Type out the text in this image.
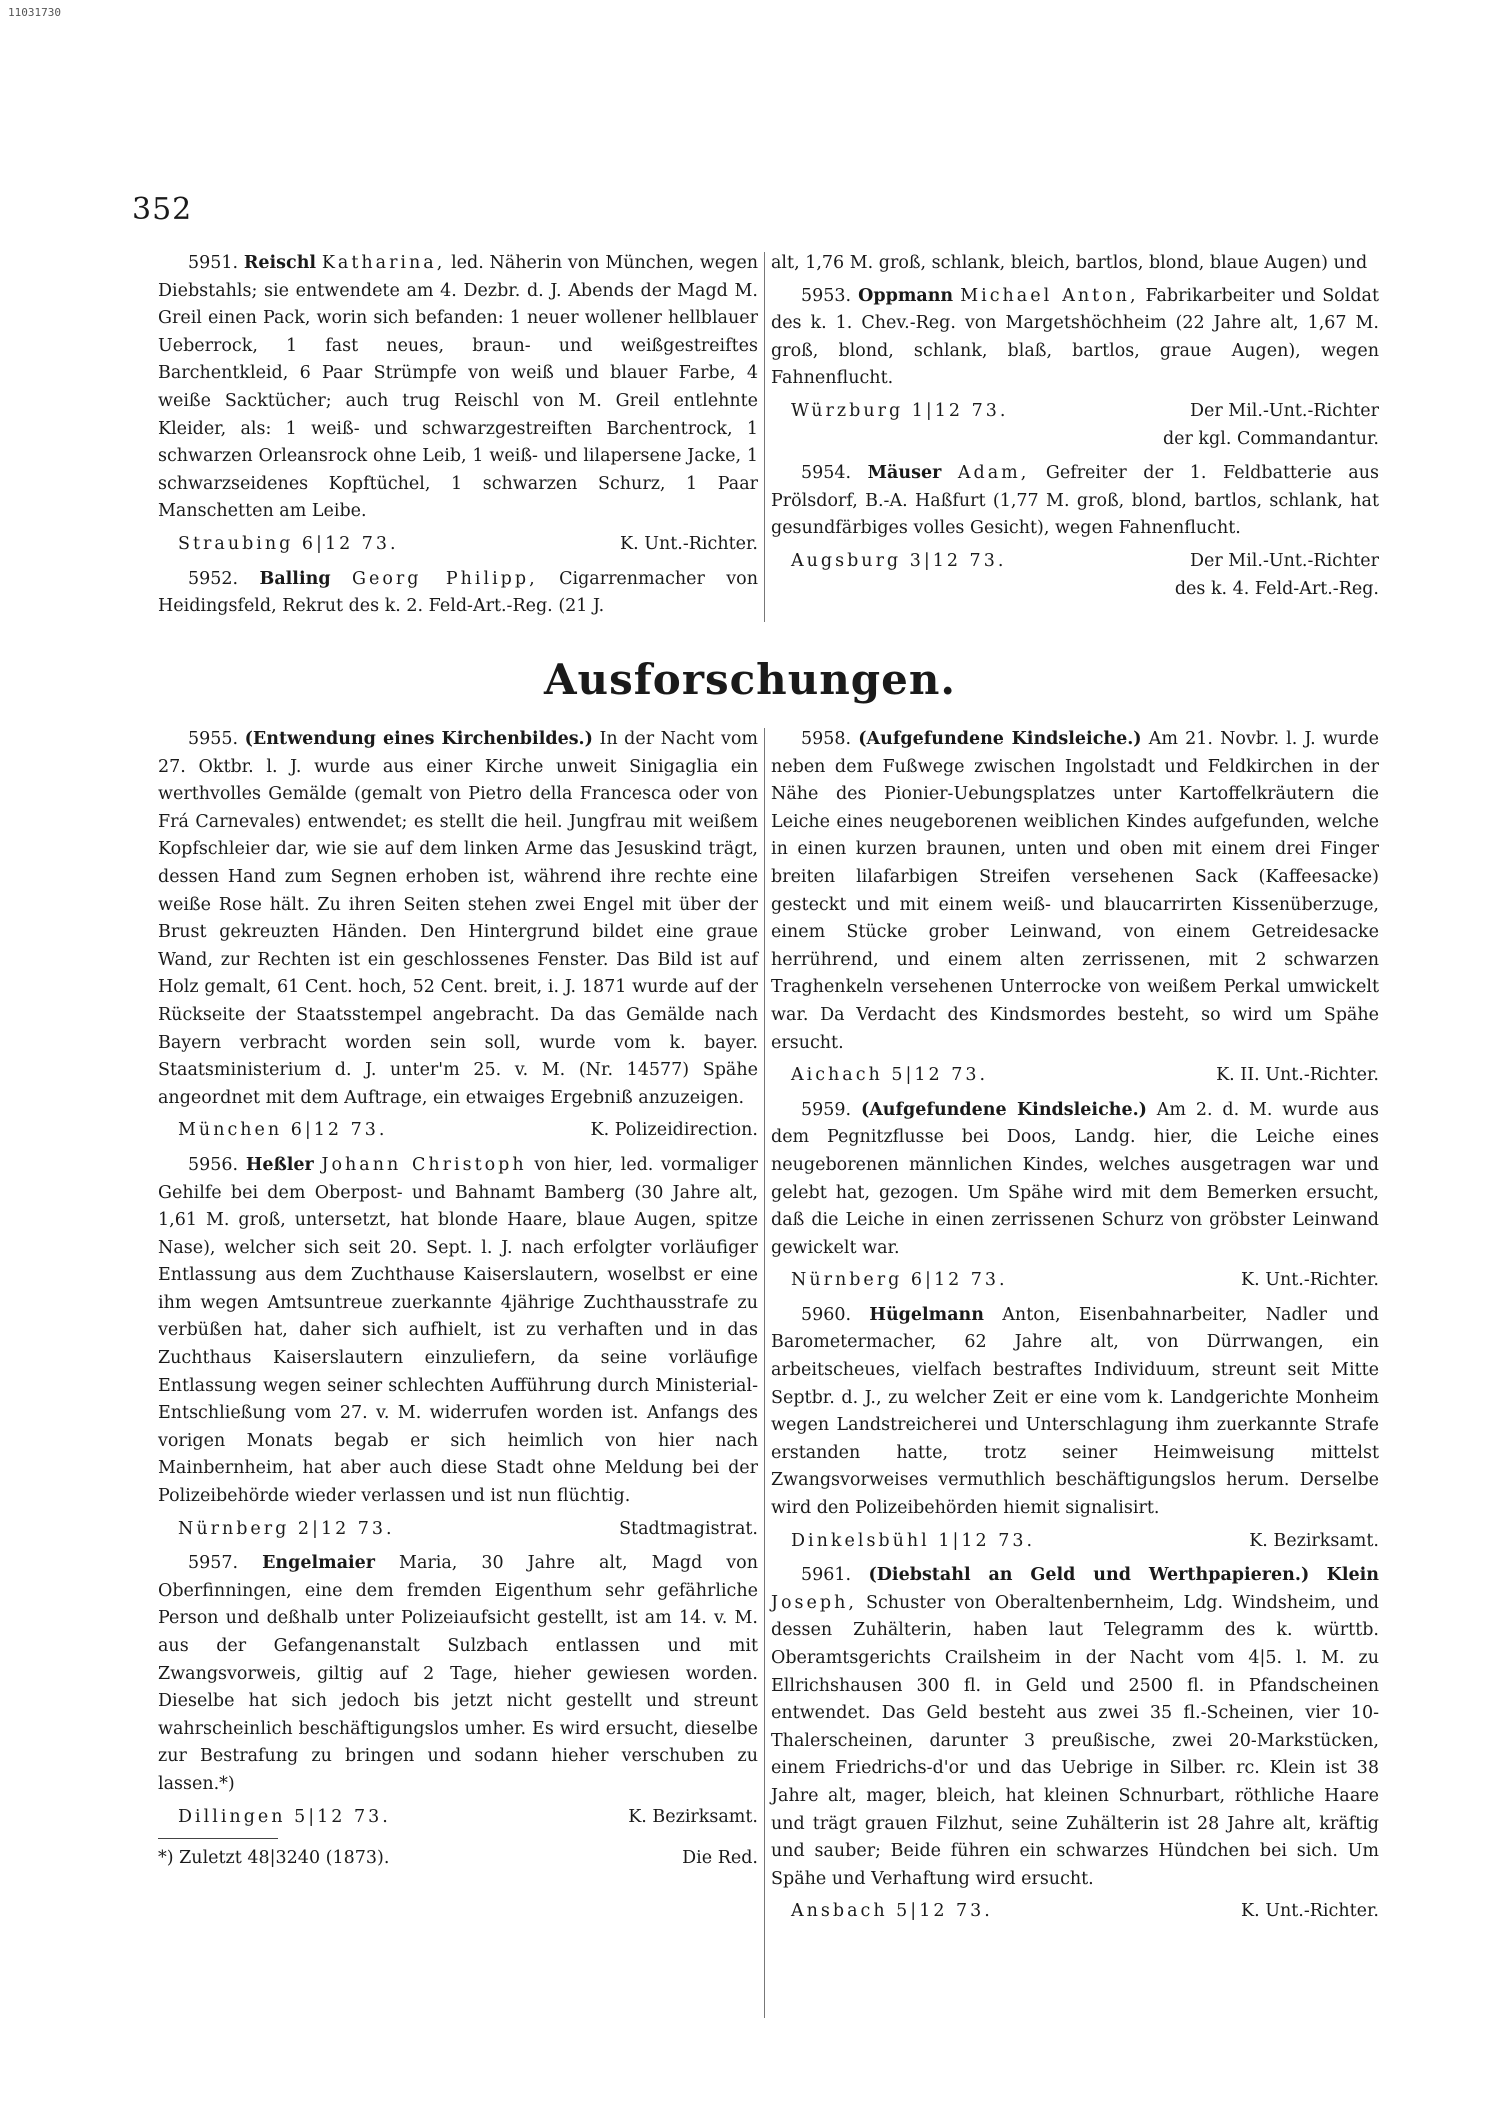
11031730
352

5951. Reischl Katharina, led. Näherin von München, wegen Diebstahls; sie entwendete am 4. Dezbr. d. J. Abends der Magd M. Greil einen Pack, worin sich befanden: 1 neuer wollener hellblauer Ueberrock, 1 fast neues, braun- und weißgestreiftes Barchentkleid, 6 Paar Strümpfe von weiß und blauer Farbe, 4 weiße Sacktücher; auch trug Reischl von M. Greil entlehnte Kleider, als: 1 weiß- und schwarzgestreiften Barchentrock, 1 schwarzen Orleansrock ohne Leib, 1 weiß- und lilapersene Jacke, 1 schwarzseidenes Kopftüchel, 1 schwarzen Schurz, 1 Paar Manschetten am Leibe.

Straubing 6|12 73.	K. Unt.-Richter.

5952. Balling Georg Philipp, Cigarrenmacher von Heidingsfeld, Rekrut des k. 2. Feld-Art.-Reg. (21 J.

alt, 1,76 M. groß, schlank, bleich, bartlos, blond, blaue Augen) und

5953. Oppmann Michael Anton, Fabrikarbeiter und Soldat des k. 1. Chev.-Reg. von Margetshöchheim (22 Jahre alt, 1,67 M. groß, blond, schlank, blaß, bartlos, graue Augen), wegen Fahnenflucht.

Würzburg 1|12 73.	Der Mil.-Unt.-Richter
der kgl. Commandantur.

5954. Mäuser Adam, Gefreiter der 1. Feldbatterie aus Prölsdorf, B.-A. Haßfurt (1,77 M. groß, blond, bartlos, schlank, hat gesundfärbiges volles Gesicht), wegen Fahnenflucht.

Augsburg 3|12 73.	Der Mil.-Unt.-Richter
des k. 4. Feld-Art.-Reg.
Ausforschungen.

5955. (Entwendung eines Kirchenbildes.) In der Nacht vom 27. Oktbr. l. J. wurde aus einer Kirche unweit Sinigaglia ein werthvolles Gemälde (gemalt von Pietro della Francesca oder von Frá Carnevales) entwendet; es stellt die heil. Jungfrau mit weißem Kopfschleier dar, wie sie auf dem linken Arme das Jesuskind trägt, dessen Hand zum Segnen erhoben ist, während ihre rechte eine weiße Rose hält. Zu ihren Seiten stehen zwei Engel mit über der Brust gekreuzten Händen. Den Hintergrund bildet eine graue Wand, zur Rechten ist ein geschlossenes Fenster. Das Bild ist auf Holz gemalt, 61 Cent. hoch, 52 Cent. breit, i. J. 1871 wurde auf der Rückseite der Staatsstempel angebracht. Da das Gemälde nach Bayern verbracht worden sein soll, wurde vom k. bayer. Staatsministerium d. J. unter'm 25. v. M. (Nr. 14577) Spähe angeordnet mit dem Auftrage, ein etwaiges Ergebniß anzuzeigen.

München 6|12 73.	K. Polizeidirection.

5956. Heßler Johann Christoph von hier, led. vormaliger Gehilfe bei dem Oberpost- und Bahnamt Bamberg (30 Jahre alt, 1,61 M. groß, untersetzt, hat blonde Haare, blaue Augen, spitze Nase), welcher sich seit 20. Sept. l. J. nach erfolgter vorläufiger Entlassung aus dem Zuchthause Kaiserslautern, woselbst er eine ihm wegen Amtsuntreue zuerkannte 4jährige Zuchthausstrafe zu verbüßen hat, daher sich aufhielt, ist zu verhaften und in das Zuchthaus Kaiserslautern einzuliefern, da seine vorläufige Entlassung wegen seiner schlechten Aufführung durch Ministerial-Entschließung vom 27. v. M. widerrufen worden ist. Anfangs des vorigen Monats begab er sich heimlich von hier nach Mainbernheim, hat aber auch diese Stadt ohne Meldung bei der Polizeibehörde wieder verlassen und ist nun flüchtig.

Nürnberg 2|12 73.	Stadtmagistrat.

5957. Engelmaier Maria, 30 Jahre alt, Magd von Oberfinningen, eine dem fremden Eigenthum sehr gefährliche Person und deßhalb unter Polizeiaufsicht gestellt, ist am 14. v. M. aus der Gefangenanstalt Sulzbach entlassen und mit Zwangsvorweis, giltig auf 2 Tage, hieher gewiesen worden. Dieselbe hat sich jedoch bis jetzt nicht gestellt und streunt wahrscheinlich beschäftigungslos umher. Es wird ersucht, dieselbe zur Bestrafung zu bringen und sodann hieher verschuben zu lassen.*)

Dillingen 5|12 73.	K. Bezirksamt.
*) Zuletzt 48|3240 (1873).	Die Red.

5958. (Aufgefundene Kindsleiche.) Am 21. Novbr. l. J. wurde neben dem Fußwege zwischen Ingolstadt und Feldkirchen in der Nähe des Pionier-Uebungsplatzes unter Kartoffelkräutern die Leiche eines neugeborenen weiblichen Kindes aufgefunden, welche in einen kurzen braunen, unten und oben mit einem drei Finger breiten lilafarbigen Streifen versehenen Sack (Kaffeesacke) gesteckt und mit einem weiß- und blaucarrirten Kissenüberzuge, einem Stücke grober Leinwand, von einem Getreidesacke herrührend, und einem alten zerrissenen, mit 2 schwarzen Traghenkeln versehenen Unterrocke von weißem Perkal umwickelt war. Da Verdacht des Kindsmordes besteht, so wird um Spähe ersucht.

Aichach 5|12 73.	K. II. Unt.-Richter.

5959. (Aufgefundene Kindsleiche.) Am 2. d. M. wurde aus dem Pegnitzflusse bei Doos, Landg. hier, die Leiche eines neugeborenen männlichen Kindes, welches ausgetragen war und gelebt hat, gezogen. Um Spähe wird mit dem Bemerken ersucht, daß die Leiche in einen zerrissenen Schurz von gröbster Leinwand gewickelt war.

Nürnberg 6|12 73.	K. Unt.-Richter.

5960. Hügelmann Anton, Eisenbahnarbeiter, Nadler und Barometermacher, 62 Jahre alt, von Dürrwangen, ein arbeitscheues, vielfach bestraftes Individuum, streunt seit Mitte Septbr. d. J., zu welcher Zeit er eine vom k. Landgerichte Monheim wegen Landstreicherei und Unterschlagung ihm zuerkannte Strafe erstanden hatte, trotz seiner Heimweisung mittelst Zwangsvorweises vermuthlich beschäftigungslos herum. Derselbe wird den Polizeibehörden hiemit signalisirt.

Dinkelsbühl 1|12 73.	K. Bezirksamt.

5961. (Diebstahl an Geld und Werthpapieren.) Klein Joseph, Schuster von Oberaltenbernheim, Ldg. Windsheim, und dessen Zuhälterin, haben laut Telegramm des k. württb. Oberamtsgerichts Crailsheim in der Nacht vom 4|5. l. M. zu Ellrichshausen 300 fl. in Geld und 2500 fl. in Pfandscheinen entwendet. Das Geld besteht aus zwei 35 fl.-Scheinen, vier 10-Thalerscheinen, darunter 3 preußische, zwei 20-Markstücken, einem Friedrichs-d'or und das Uebrige in Silber. rc. Klein ist 38 Jahre alt, mager, bleich, hat kleinen Schnurbart, röthliche Haare und trägt grauen Filzhut, seine Zuhälterin ist 28 Jahre alt, kräftig und sauber; Beide führen ein schwarzes Hündchen bei sich. Um Spähe und Verhaftung wird ersucht.

Ansbach 5|12 73.	K. Unt.-Richter.
